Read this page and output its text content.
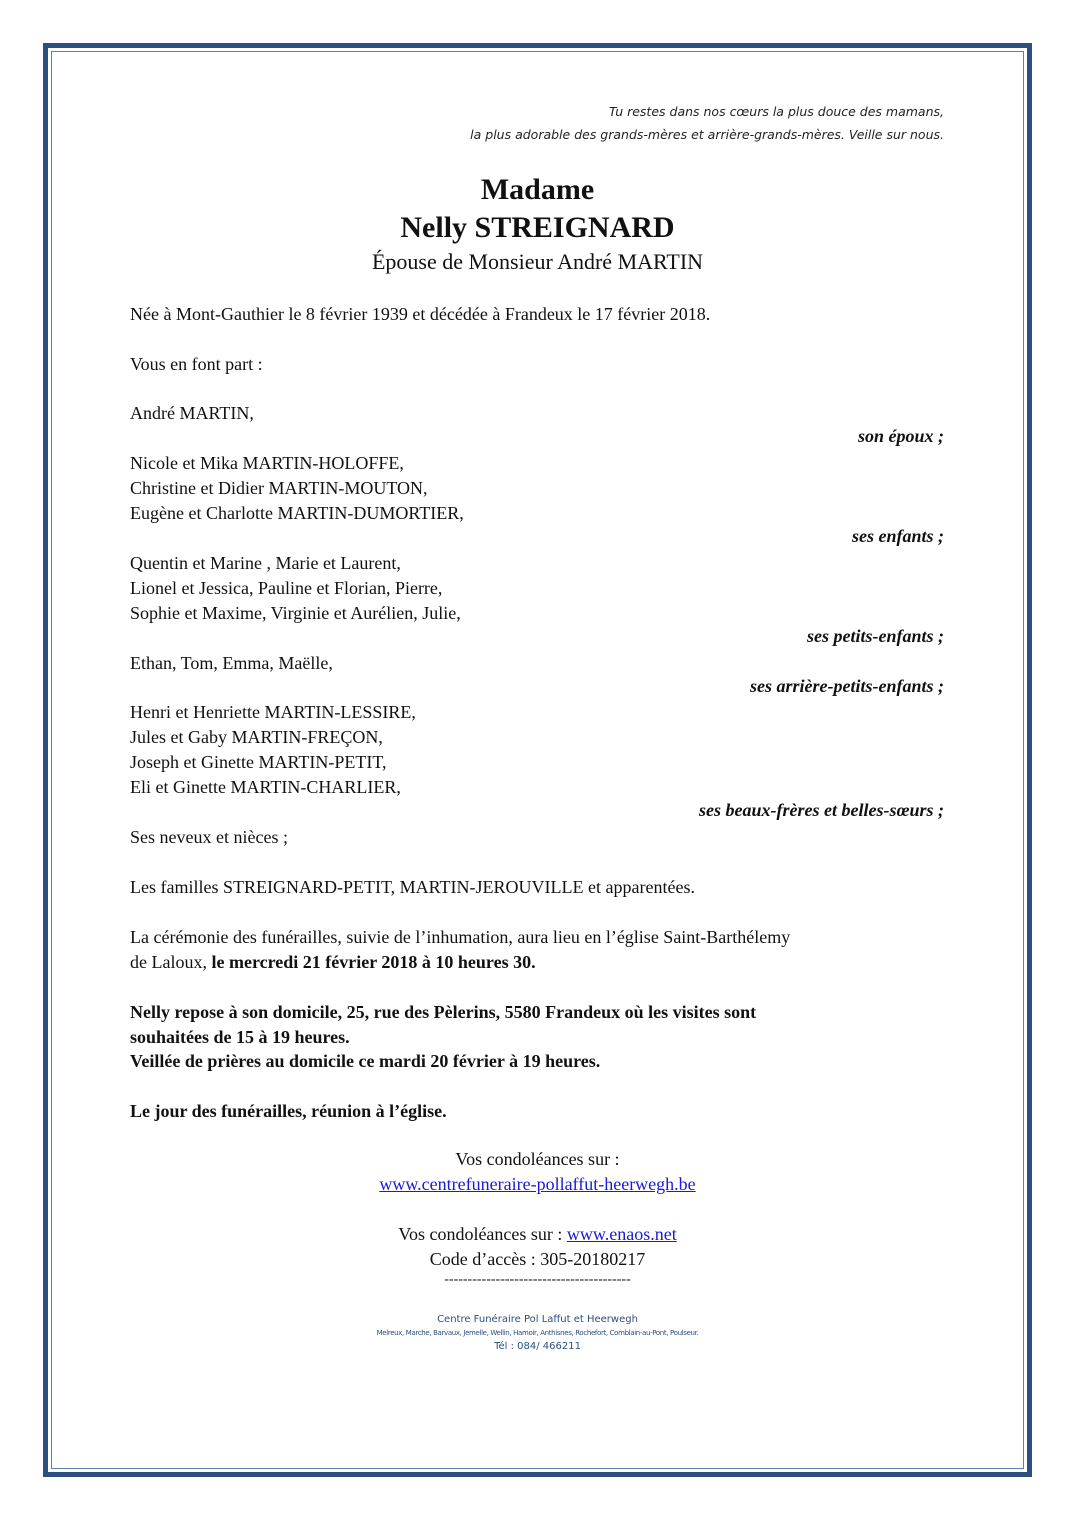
Tu restes dans nos cœurs la plus douce des mamans,

la plus adorable des grands-mères et arrière-grands-mères. Veille sur nous.

Madame

Nelly STREIGNARD

Épouse de Monsieur André MARTIN

Née à Mont-Gauthier le 8 février 1939 et décédée à Frandeux le 17 février 2018.

Vous en font part :

André MARTIN,

son époux ;

Nicole et Mika MARTIN-HOLOFFE,

Christine et Didier MARTIN-MOUTON,

Eugène et Charlotte MARTIN-DUMORTIER,

ses enfants ;

Quentin et Marine , Marie et Laurent,

Lionel et Jessica, Pauline et Florian, Pierre,

Sophie et Maxime, Virginie et Aurélien, Julie,

ses petits-enfants ;

Ethan, Tom, Emma, Maëlle,

ses arrière-petits-enfants ;

Henri et Henriette MARTIN-LESSIRE,

Jules et Gaby MARTIN-FREÇON,

Joseph et Ginette MARTIN-PETIT,

Eli et Ginette MARTIN-CHARLIER,

ses beaux-frères et belles-sœurs ;

Ses neveux et nièces ;

Les familles STREIGNARD-PETIT, MARTIN-JEROUVILLE et apparentées.

La cérémonie des funérailles, suivie de l’inhumation, aura lieu en l’église Saint-Barthélemy

de Laloux, le mercredi 21 février 2018 à 10 heures 30.

Nelly repose à son domicile, 25, rue des Pèlerins, 5580 Frandeux où les visites sont

souhaitées de 15 à 19 heures.

Veillée de prières au domicile ce mardi 20 février à 19 heures.

Le jour des funérailles, réunion à l’église.

Vos condoléances sur :

www.centrefuneraire-pollaffut-heerwegh.be

Vos condoléances sur : www.enaos.net

Code d’accès : 305-20180217

----------------------------------------

Centre Funéraire Pol Laffut et Heerwegh

Melreux, Marche, Barvaux, Jemelle, Wellin, Hamoir, Anthisnes, Rochefort, Comblain-au-Pont, Poulseur.

Tél : 084/ 466211
